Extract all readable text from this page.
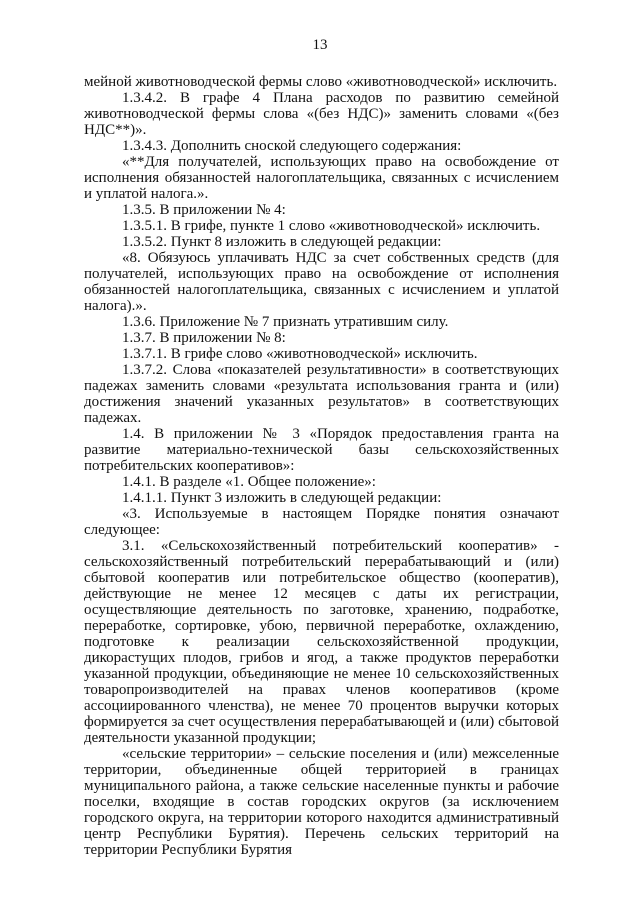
13

мейной животноводческой фермы слово «животноводческой» исключить.

1.3.4.2. В графе 4 Плана расходов по развитию семейной животноводческой фермы слова «(без НДС)» заменить словами «(без НДС**)».

1.3.4.3. Дополнить сноской следующего содержания:

«**Для получателей, использующих право на освобождение от исполнения обязанностей налогоплательщика, связанных с исчислением и уплатой налога.».

1.3.5. В приложении № 4:

1.3.5.1. В грифе, пункте 1 слово «животноводческой» исключить.

1.3.5.2. Пункт 8 изложить в следующей редакции:

«8. Обязуюсь уплачивать НДС за счет собственных средств (для получателей, использующих право на освобождение от исполнения обязанностей налогоплательщика, связанных с исчислением и уплатой налога).».

1.3.6. Приложение № 7 признать утратившим силу.

1.3.7. В приложении № 8:

1.3.7.1. В грифе слово «животноводческой» исключить.

1.3.7.2. Слова «показателей результативности» в соответствующих падежах заменить словами «результата использования гранта и (или) достижения значений указанных результатов» в соответствующих падежах.

1.4. В приложении № 3 «Порядок предоставления гранта на развитие материально-технической базы сельскохозяйственных потребительских кооперативов»:

1.4.1. В разделе «1. Общее положение»:

1.4.1.1. Пункт 3 изложить в следующей редакции:

«3. Используемые в настоящем Порядке понятия означают следующее:

3.1. «Сельскохозяйственный потребительский кооператив» - сельскохозяйственный потребительский перерабатывающий и (или) сбытовой кооператив или потребительское общество (кооператив), действующие не менее 12 месяцев с даты их регистрации, осуществляющие деятельность по заготовке, хранению, подработке, переработке, сортировке, убою, первичной переработке, охлаждению, подготовке к реализации сельскохозяйственной продукции, дикорастущих плодов, грибов и ягод, а также продуктов переработки указанной продукции, объединяющие не менее 10 сельскохозяйственных товаропроизводителей на правах членов кооперативов (кроме ассоциированного членства), не менее 70 процентов выручки которых формируется за счет осуществления перерабатывающей и (или) сбытовой деятельности указанной продукции;

«сельские территории» – сельские поселения и (или) межселенные территории, объединенные общей территорией в границах муниципального района, а также сельские населенные пункты и рабочие поселки, входящие в состав городских округов (за исключением городского округа, на территории которого находится административный центр Республики Бурятия). Перечень сельских территорий на территории Республики Бурятия
